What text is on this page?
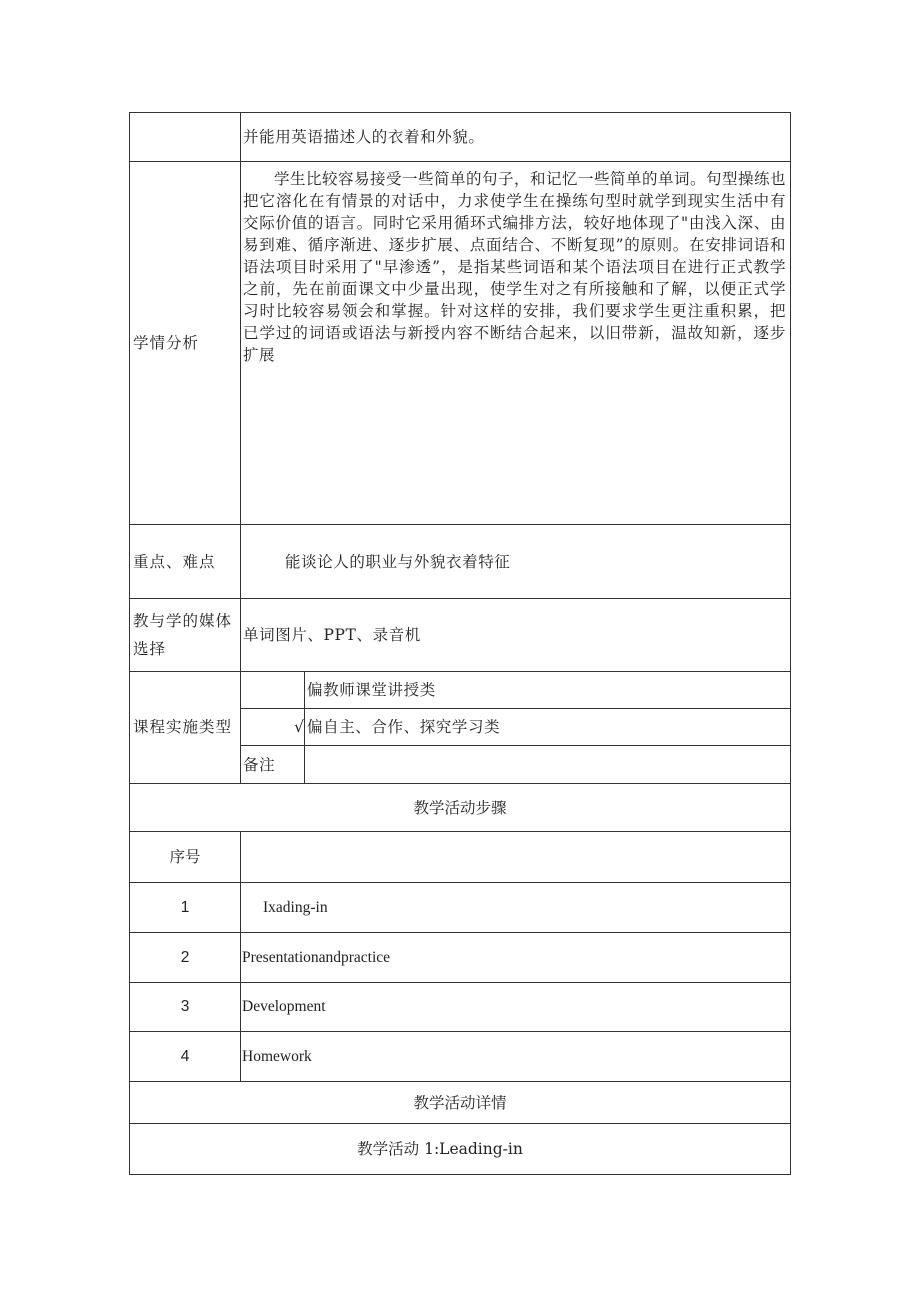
	并能用英语描述人的衣着和外貌。	
学情分析	学生比较容易接受一些简单的句子，和记忆一些简单的单词。句型操练也把它溶化在有情景的对话中，力求使学生在操练句型时就学到现实生活中有交际价值的语言。同时它采用循环式编排方法，较好地体现了"由浅入深、由易到难、循序渐进、逐步扩展、点面结合、不断复现”的原则。在安排词语和语法项目时采用了"早渗透”，是指某些词语和某个语法项目在进行正式教学之前，先在前面课文中少量出现，使学生对之有所接触和了解，以便正式学习时比较容易领会和掌握。针对这样的安排，我们要求学生更注重积累，把已学过的词语或语法与新授内容不断结合起来，以旧带新，温故知新，逐步扩展	

重点、难点	能谈论人的职业与外貌衣着特征	
教与学的媒体选择	单词图片、PPT、录音机	
课程实施类型		偏教师课堂讲授类
	√	偏自主、合作、探究学习类
	备注	
教学活动步骤		
序号		
1	Ixading-in	
2	Presentationandpractice	
3	Development	
4	Homework	
教学活动详情		
教学活动 1:Leading-in		
